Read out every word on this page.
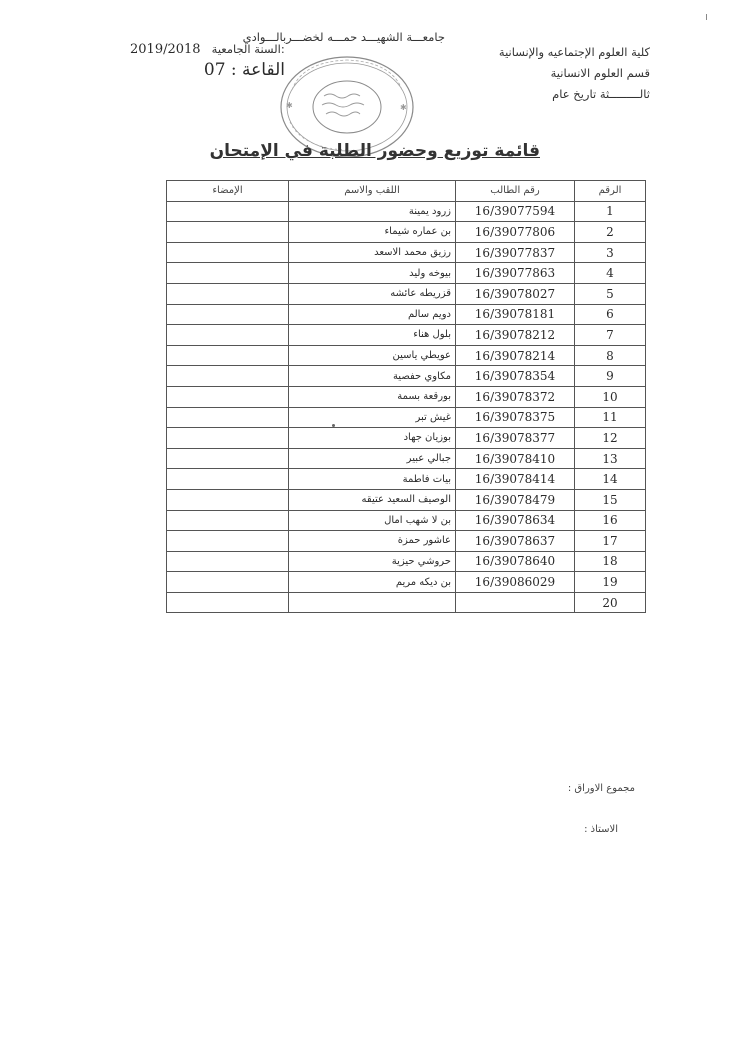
جامعـــة الشهيـــد حمـــه لخضـــربالـــوادي
كلية العلوم الإجتماعيه والإنسانية
قسم العلوم الانسانية
ثالـــــــــثة تاريخ عام
2019/2018 السنة الجامعية:
القاعة : 07
✱	✱
قائمة توزيع وحضور الطلبة في الإمتحان
الرقم	رقم الطالب	اللقب والاسم	الإمضاء
1	16/39077594	زرود يمينة	
2	16/39077806	بن عماره شيماء	
3	16/39077837	رزيق محمد الاسعد	
4	16/39077863	بيوخه وليد	
5	16/39078027	قزريطه عائشه	
6	16/39078181	دويم سالم	
7	16/39078212	بلول هناء	
8	16/39078214	عويطي ياسين	
9	16/39078354	مكاوي حفصية	
10	16/39078372	بورقعة بسمة	
11	16/39078375	غيش تبر	
12	16/39078377	بوزيان جهاد	
13	16/39078410	جبالي عبير	
14	16/39078414	بيات فاطمة	
15	16/39078479	الوصيف السعيد عتيقه	
16	16/39078634	بن لا شهب امال	
17	16/39078637	عاشور حمزة	
18	16/39078640	حروشي حيزية	
19	16/39086029	بن ديكه مريم	
20			
مجموع الاوراق :
الاستاذ :
